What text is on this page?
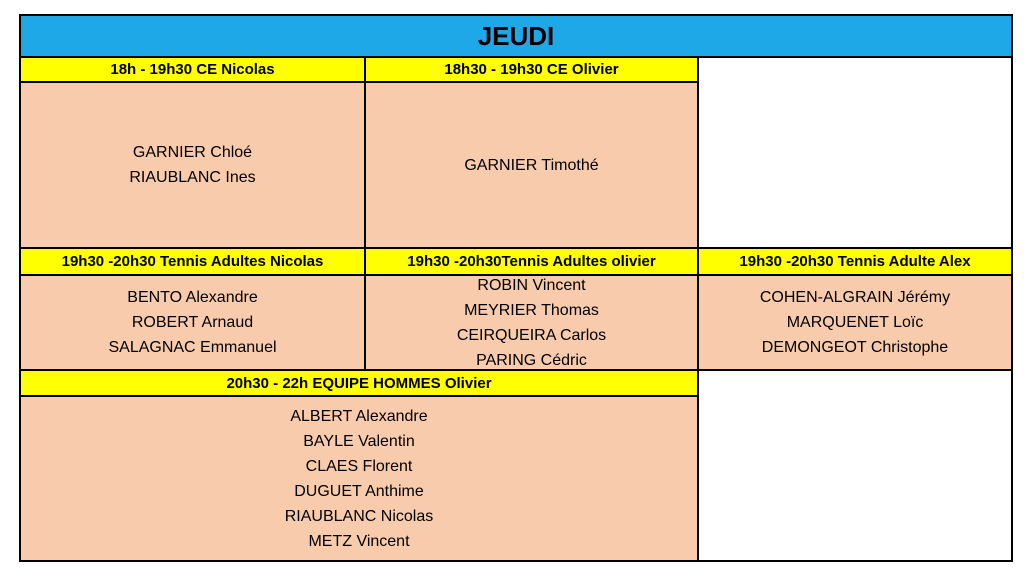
JEUDI
18h - 19h30 CE Nicolas
GARNIER Chloé
RIAUBLANC Ines
18h30 - 19h30 CE Olivier
GARNIER Timothé
19h30 -20h30 Tennis Adultes Nicolas
BENTO Alexandre
ROBERT Arnaud
SALAGNAC Emmanuel
19h30 -20h30Tennis Adultes olivier
ROBIN Vincent
MEYRIER Thomas
CEIRQUEIRA Carlos
PARING Cédric
19h30 -20h30 Tennis Adulte Alex
COHEN-ALGRAIN Jérémy
MARQUENET Loïc
DEMONGEOT Christophe
20h30 - 22h EQUIPE HOMMES Olivier
ALBERT Alexandre
BAYLE Valentin
CLAES Florent
DUGUET Anthime
RIAUBLANC Nicolas
METZ Vincent
